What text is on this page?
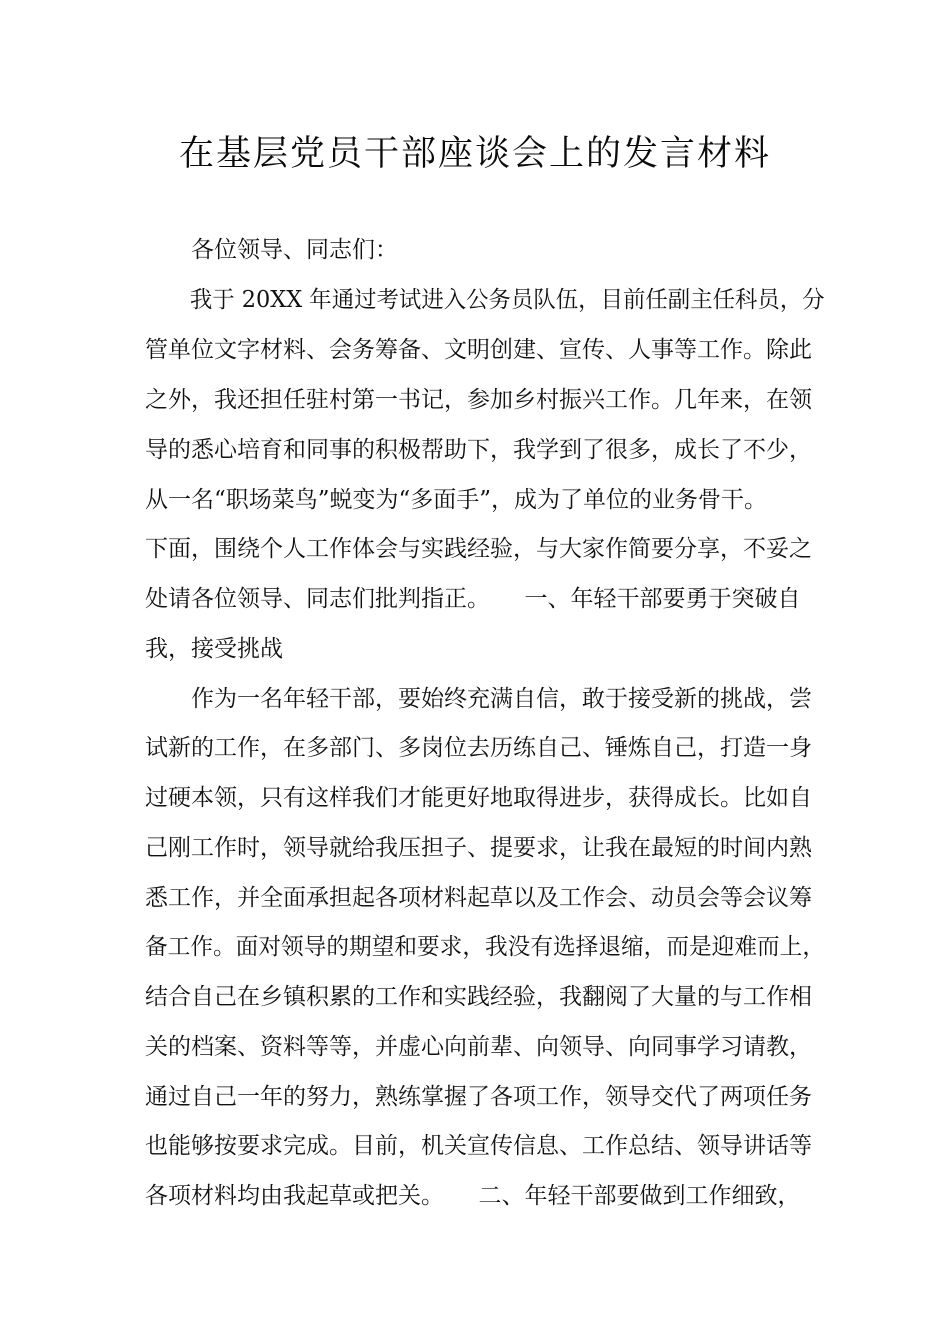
在基层党员干部座谈会上的发言材料
　　各位领导、同志们：
　　我于 20XX 年通过考试进入公务员队伍，目前任副主任科员，分
管单位文字材料、会务筹备、文明创建、宣传、人事等工作。除此
之外，我还担任驻村第一书记，参加乡村振兴工作。几年来，在领
导的悉心培育和同事的积极帮助下，我学到了很多，成长了不少，
从一名“职场菜鸟”蜕变为“多面手”，成为了单位的业务骨干。
下面，围绕个人工作体会与实践经验，与大家作简要分享，不妥之
处请各位领导、同志们批判指正。　　一、年轻干部要勇于突破自
我，接受挑战
　　作为一名年轻干部，要始终充满自信，敢于接受新的挑战，尝
试新的工作，在多部门、多岗位去历练自己、锤炼自己，打造一身
过硬本领，只有这样我们才能更好地取得进步，获得成长。比如自
己刚工作时，领导就给我压担子、提要求，让我在最短的时间内熟
悉工作，并全面承担起各项材料起草以及工作会、动员会等会议筹
备工作。面对领导的期望和要求，我没有选择退缩，而是迎难而上，
结合自己在乡镇积累的工作和实践经验，我翻阅了大量的与工作相
关的档案、资料等等，并虚心向前辈、向领导、向同事学习请教，
通过自己一年的努力，熟练掌握了各项工作，领导交代了两项任务
也能够按要求完成。目前，机关宣传信息、工作总结、领导讲话等
各项材料均由我起草或把关。　　二、年轻干部要做到工作细致，
